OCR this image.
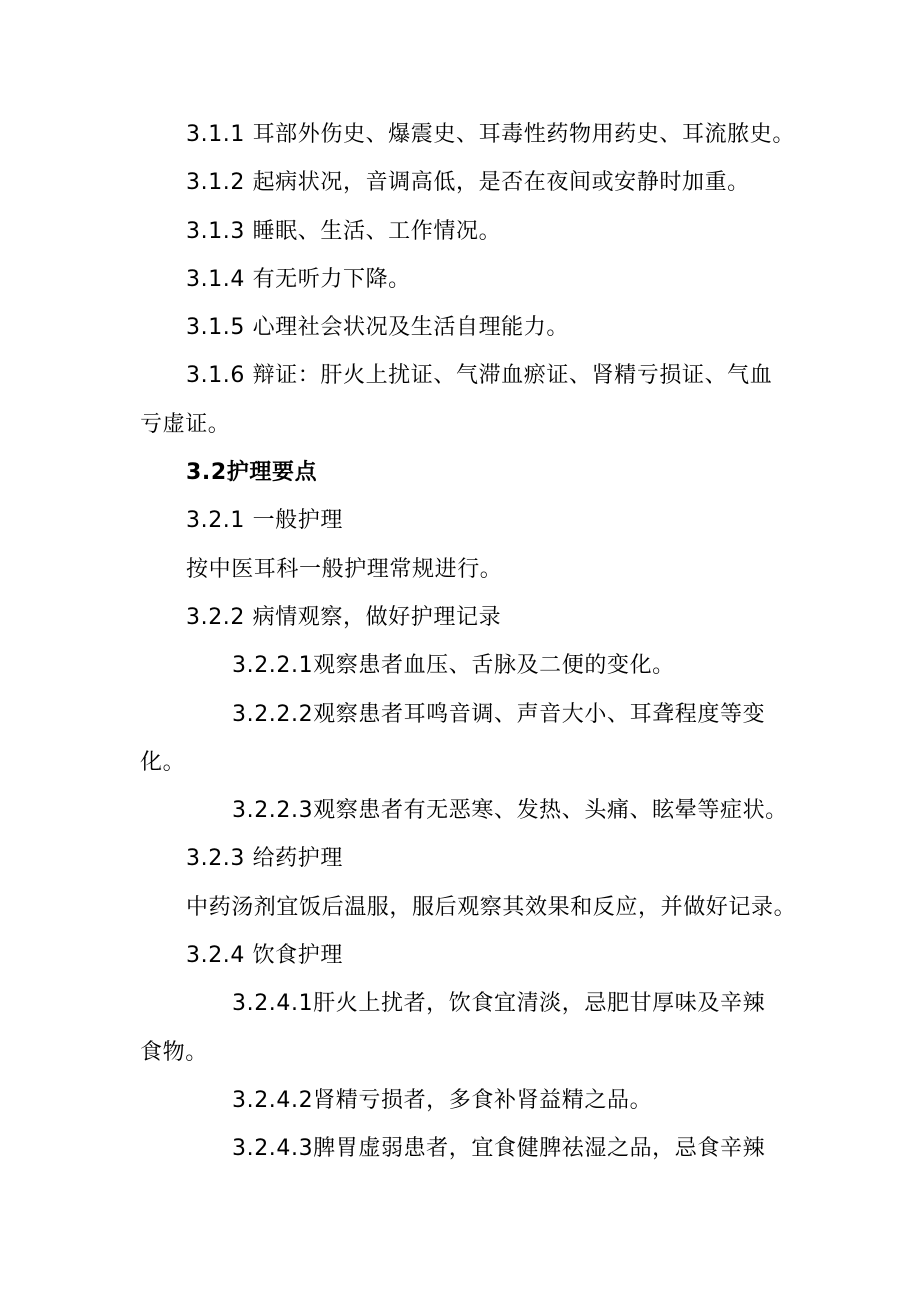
3.1.1 耳部外伤史、爆震史、耳毒性药物用药史、耳流脓史。
3.1.2 起病状况，音调高低，是否在夜间或安静时加重。
3.1.3 睡眠、生活、工作情况。
3.1.4 有无听力下降。
3.1.5 心理社会状况及生活自理能力。
3.1.6 辩证：肝火上扰证、气滞血瘀证、肾精亏损证、气血
亏虚证。
3.2护理要点
3.2.1 一般护理
按中医耳科一般护理常规进行。
3.2.2 病情观察，做好护理记录
3.2.2.1观察患者血压、舌脉及二便的变化。
3.2.2.2观察患者耳鸣音调、声音大小、耳聋程度等变
化。
3.2.2.3观察患者有无恶寒、发热、头痛、眩晕等症状。
3.2.3 给药护理
中药汤剂宜饭后温服，服后观察其效果和反应，并做好记录。
3.2.4 饮食护理
3.2.4.1肝火上扰者，饮食宜清淡，忌肥甘厚味及辛辣
食物。
3.2.4.2肾精亏损者，多食补肾益精之品。
3.2.4.3脾胃虚弱患者，宜食健脾祛湿之品，忌食辛辣
